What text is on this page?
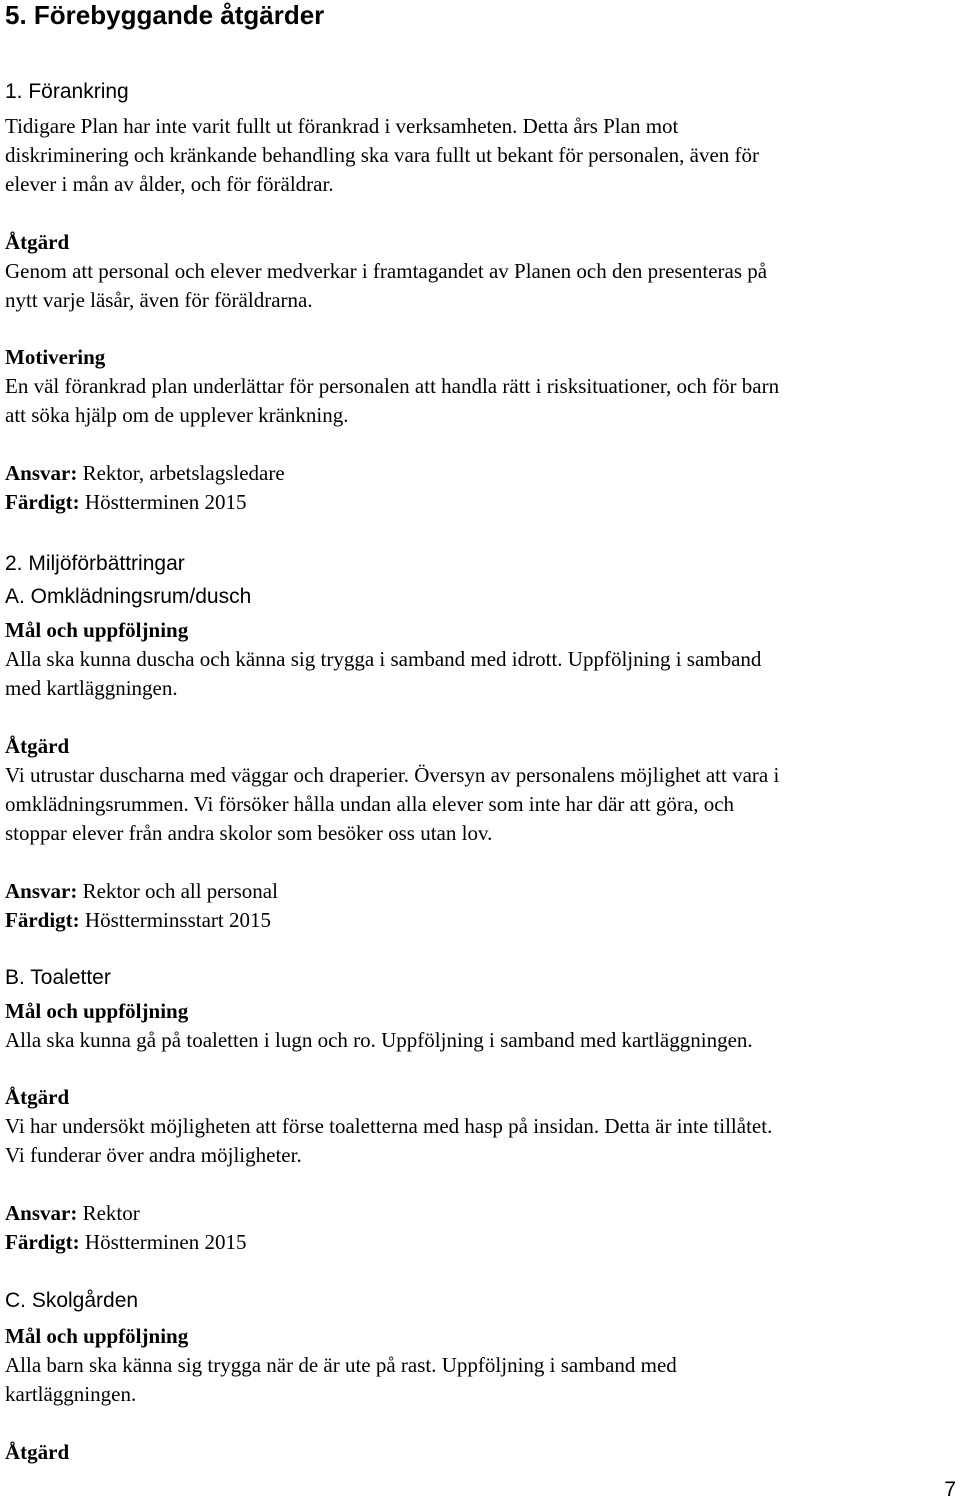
5. Förebyggande åtgärder
1. Förankring
Tidigare Plan har inte varit fullt ut förankrad i verksamheten. Detta års Plan mot
diskriminering och kränkande behandling ska vara fullt ut bekant för personalen, även för
elever i mån av ålder, och för föräldrar.
Åtgärd
Genom att personal och elever medverkar i framtagandet av Planen och den presenteras på
nytt varje läsår, även för föräldrarna.
Motivering
En väl förankrad plan underlättar för personalen att handla rätt i risksituationer, och för barn
att söka hjälp om de upplever kränkning.
Ansvar: Rektor, arbetslagsledare
Färdigt: Höstterminen 2015
2. Miljöförbättringar
A. Omklädningsrum/dusch
Mål och uppföljning
Alla ska kunna duscha och känna sig trygga i samband med idrott. Uppföljning i samband
med kartläggningen.
Åtgärd
Vi utrustar duscharna med väggar och draperier. Översyn av personalens möjlighet att vara i
omklädningsrummen. Vi försöker hålla undan alla elever som inte har där att göra, och
stoppar elever från andra skolor som besöker oss utan lov.
Ansvar: Rektor och all personal
Färdigt: Höstterminsstart 2015
B. Toaletter
Mål och uppföljning
Alla ska kunna gå på toaletten i lugn och ro. Uppföljning i samband med kartläggningen.
Åtgärd
Vi har undersökt möjligheten att förse toaletterna med hasp på insidan. Detta är inte tillåtet.
Vi funderar över andra möjligheter.
Ansvar: Rektor
Färdigt: Höstterminen 2015
C. Skolgården
Mål och uppföljning
Alla barn ska känna sig trygga när de är ute på rast. Uppföljning i samband med
kartläggningen.
Åtgärd
7
